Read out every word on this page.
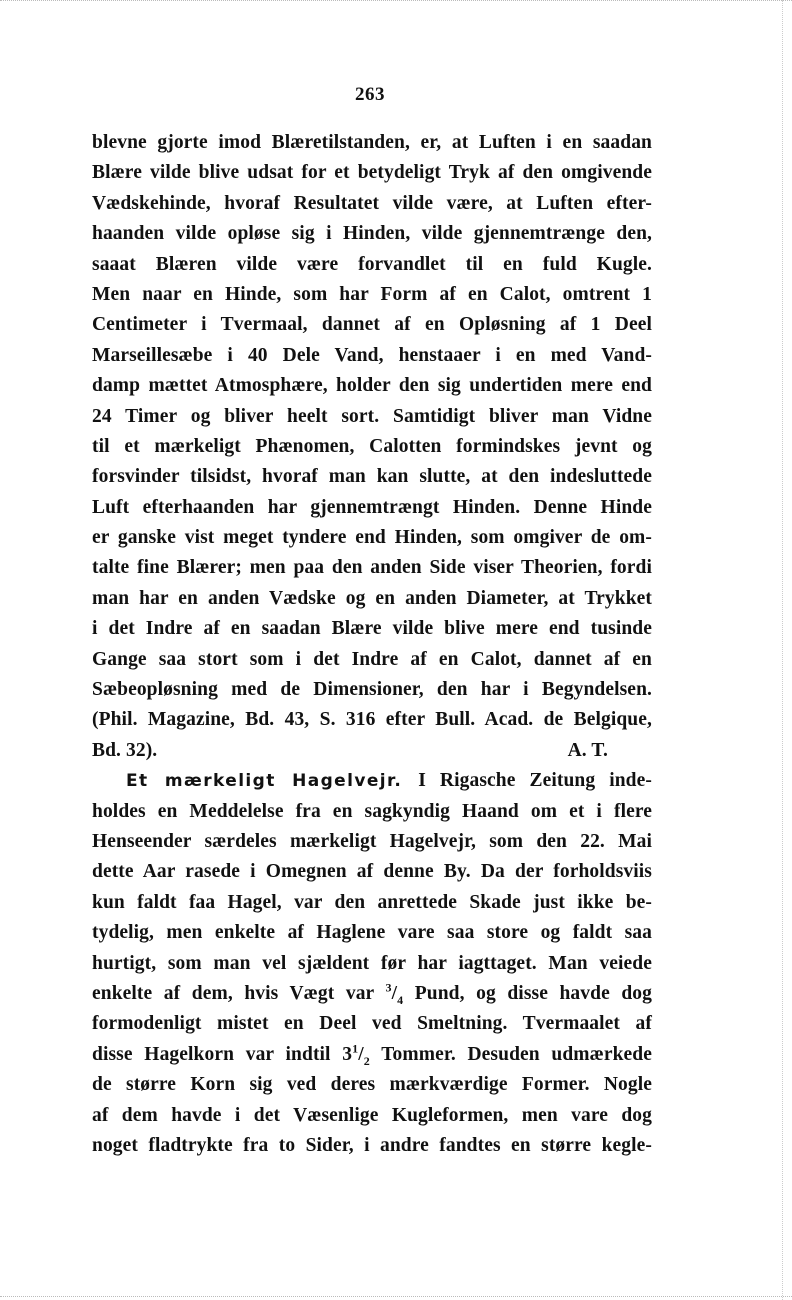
263
blevne gjorte imod Blæretilstanden, er, at Luften i en saadan
Blære vilde blive udsat for et betydeligt Tryk af den omgivende
Vædskehinde, hvoraf Resultatet vilde være, at Luften efter-
haanden vilde opløse sig i Hinden, vilde gjennemtrænge den,
saaat Blæren vilde være forvandlet til en fuld Kugle.
Men naar en Hinde, som har Form af en Calot, omtrent 1
Centimeter i Tvermaal, dannet af en Opløsning af 1 Deel
Marseillesæbe i 40 Dele Vand, henstaaer i en med Vand-
damp mættet Atmosphære, holder den sig undertiden mere end
24 Timer og bliver heelt sort. Samtidigt bliver man Vidne
til et mærkeligt Phænomen, Calotten formindskes jevnt og
forsvinder tilsidst, hvoraf man kan slutte, at den indesluttede
Luft efterhaanden har gjennemtrængt Hinden. Denne Hinde
er ganske vist meget tyndere end Hinden, som omgiver de om-
talte fine Blærer; men paa den anden Side viser Theorien, fordi
man har en anden Vædske og en anden Diameter, at Trykket
i det Indre af en saadan Blære vilde blive mere end tusinde
Gange saa stort som i det Indre af en Calot, dannet af en
Sæbeopløsning med de Dimensioner, den har i Begyndelsen.
(Phil. Magazine, Bd. 43, S. 316 efter Bull. Acad. de Belgique,
Bd. 32).	A. T.
Et mærkeligt Hagelvejr. I Rigasche Zeitung inde-
holdes en Meddelelse fra en sagkyndig Haand om et i flere
Henseender særdeles mærkeligt Hagelvejr, som den 22. Mai
dette Aar rasede i Omegnen af denne By. Da der forholdsviis
kun faldt faa Hagel, var den anrettede Skade just ikke be-
tydelig, men enkelte af Haglene vare saa store og faldt saa
hurtigt, som man vel sjældent før har iagttaget. Man veiede
enkelte af dem, hvis Vægt var $^3/_4$ Pund, og disse havde dog
formodenligt mistet en Deel ved Smeltning. Tvermaalet af
disse Hagelkorn var indtil $3^1/_2$ Tommer. Desuden udmærkede
de større Korn sig ved deres mærkværdige Former. Nogle
af dem havde i det Væsenlige Kugleformen, men vare dog
noget fladtrykte fra to Sider, i andre fandtes en større kegle-
